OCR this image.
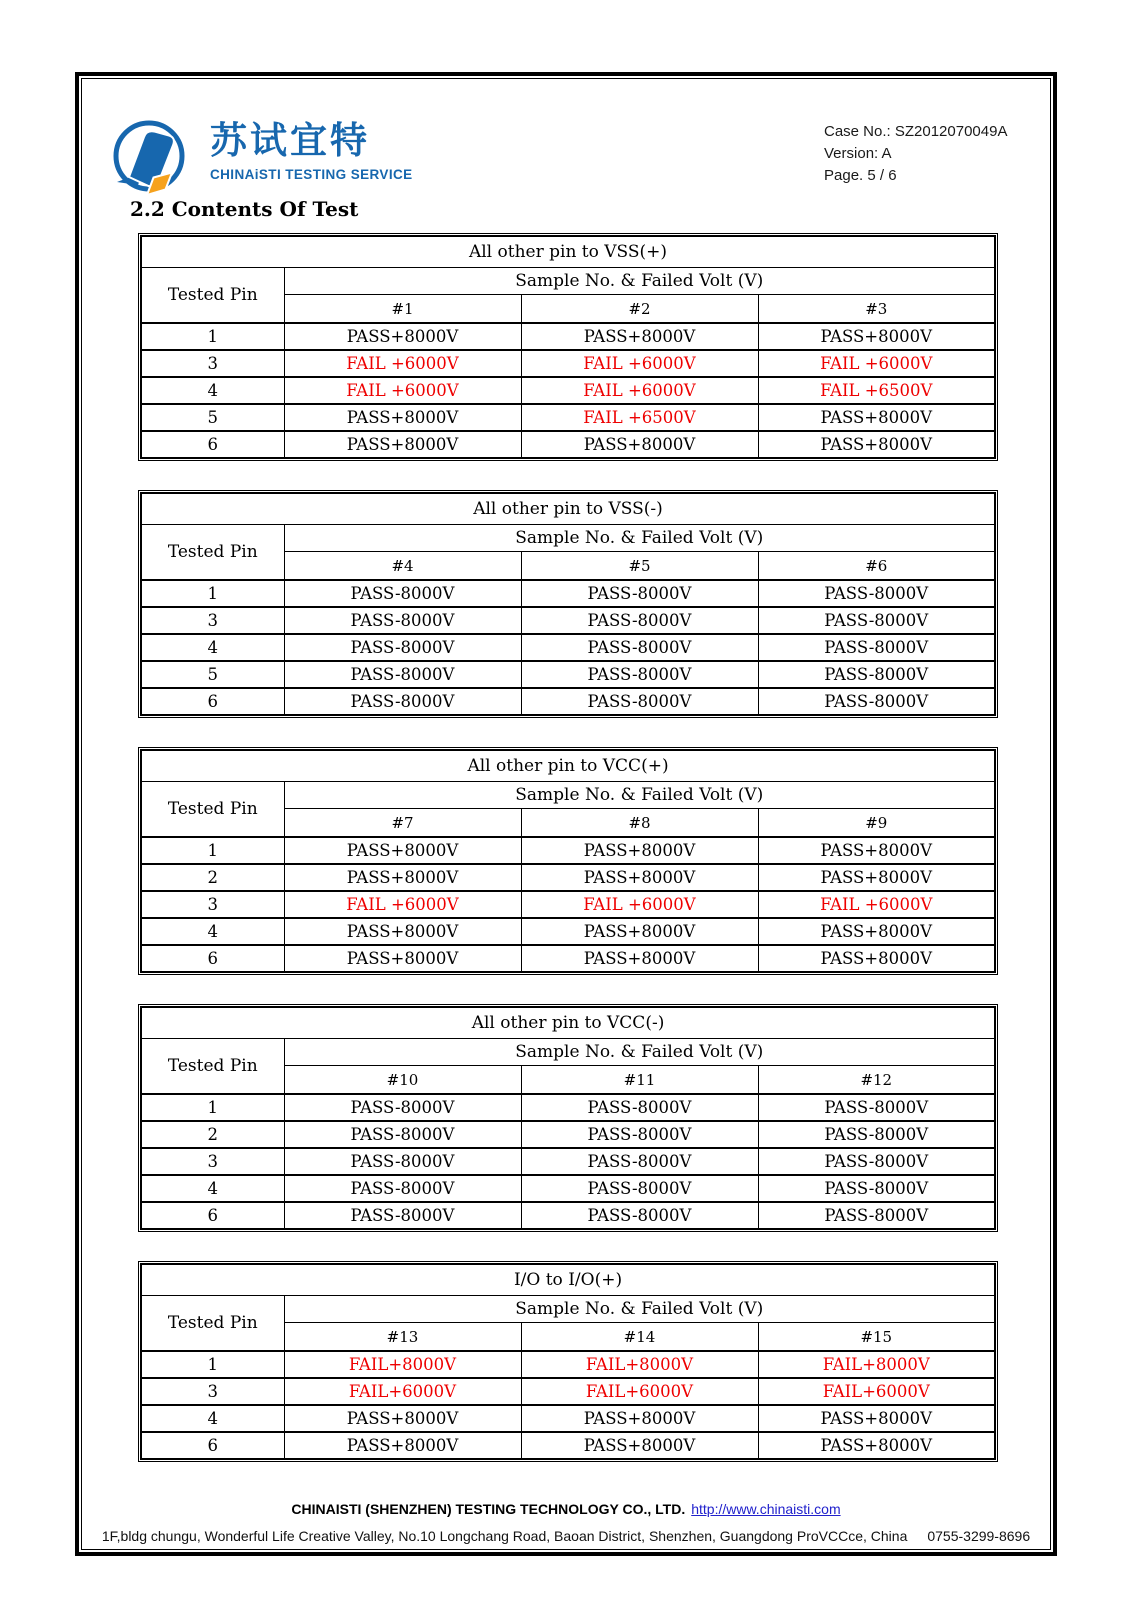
苏试宜特
CHINAiSTI TESTING SERVICE
Case No.: SZ2012070049A
Version: A
Page. 5 / 6
2.2 Contents Of Test
All other pin to VSS(+)			
Tested Pin	Sample No. & Failed Volt (V)		
	#1	#2	#3
1	PASS+8000V	PASS+8000V	PASS+8000V
3	FAIL +6000V	FAIL +6000V	FAIL +6000V
4	FAIL +6000V	FAIL +6000V	FAIL +6500V
5	PASS+8000V	FAIL +6500V	PASS+8000V
6	PASS+8000V	PASS+8000V	PASS+8000V
All other pin to VSS(-)			
Tested Pin	Sample No. & Failed Volt (V)		
	#4	#5	#6
1	PASS-8000V	PASS-8000V	PASS-8000V
3	PASS-8000V	PASS-8000V	PASS-8000V
4	PASS-8000V	PASS-8000V	PASS-8000V
5	PASS-8000V	PASS-8000V	PASS-8000V
6	PASS-8000V	PASS-8000V	PASS-8000V
All other pin to VCC(+)			
Tested Pin	Sample No. & Failed Volt (V)		
	#7	#8	#9
1	PASS+8000V	PASS+8000V	PASS+8000V
2	PASS+8000V	PASS+8000V	PASS+8000V
3	FAIL +6000V	FAIL +6000V	FAIL +6000V
4	PASS+8000V	PASS+8000V	PASS+8000V
6	PASS+8000V	PASS+8000V	PASS+8000V
All other pin to VCC(-)			
Tested Pin	Sample No. & Failed Volt (V)		
	#10	#11	#12
1	PASS-8000V	PASS-8000V	PASS-8000V
2	PASS-8000V	PASS-8000V	PASS-8000V
3	PASS-8000V	PASS-8000V	PASS-8000V
4	PASS-8000V	PASS-8000V	PASS-8000V
6	PASS-8000V	PASS-8000V	PASS-8000V
I/O to I/O(+)			
Tested Pin	Sample No. & Failed Volt (V)		
	#13	#14	#15
1	FAIL+8000V	FAIL+8000V	FAIL+8000V
3	FAIL+6000V	FAIL+6000V	FAIL+6000V
4	PASS+8000V	PASS+8000V	PASS+8000V
6	PASS+8000V	PASS+8000V	PASS+8000V
CHINAISTI (SHENZHEN) TESTING TECHNOLOGY CO., LTD. http://www.chinaisti.com
1F,bldg chungu, Wonderful Life Creative Valley, No.10 Longchang Road, Baoan District, Shenzhen, Guangdong ProVCCce, China 0755-3299-8696
